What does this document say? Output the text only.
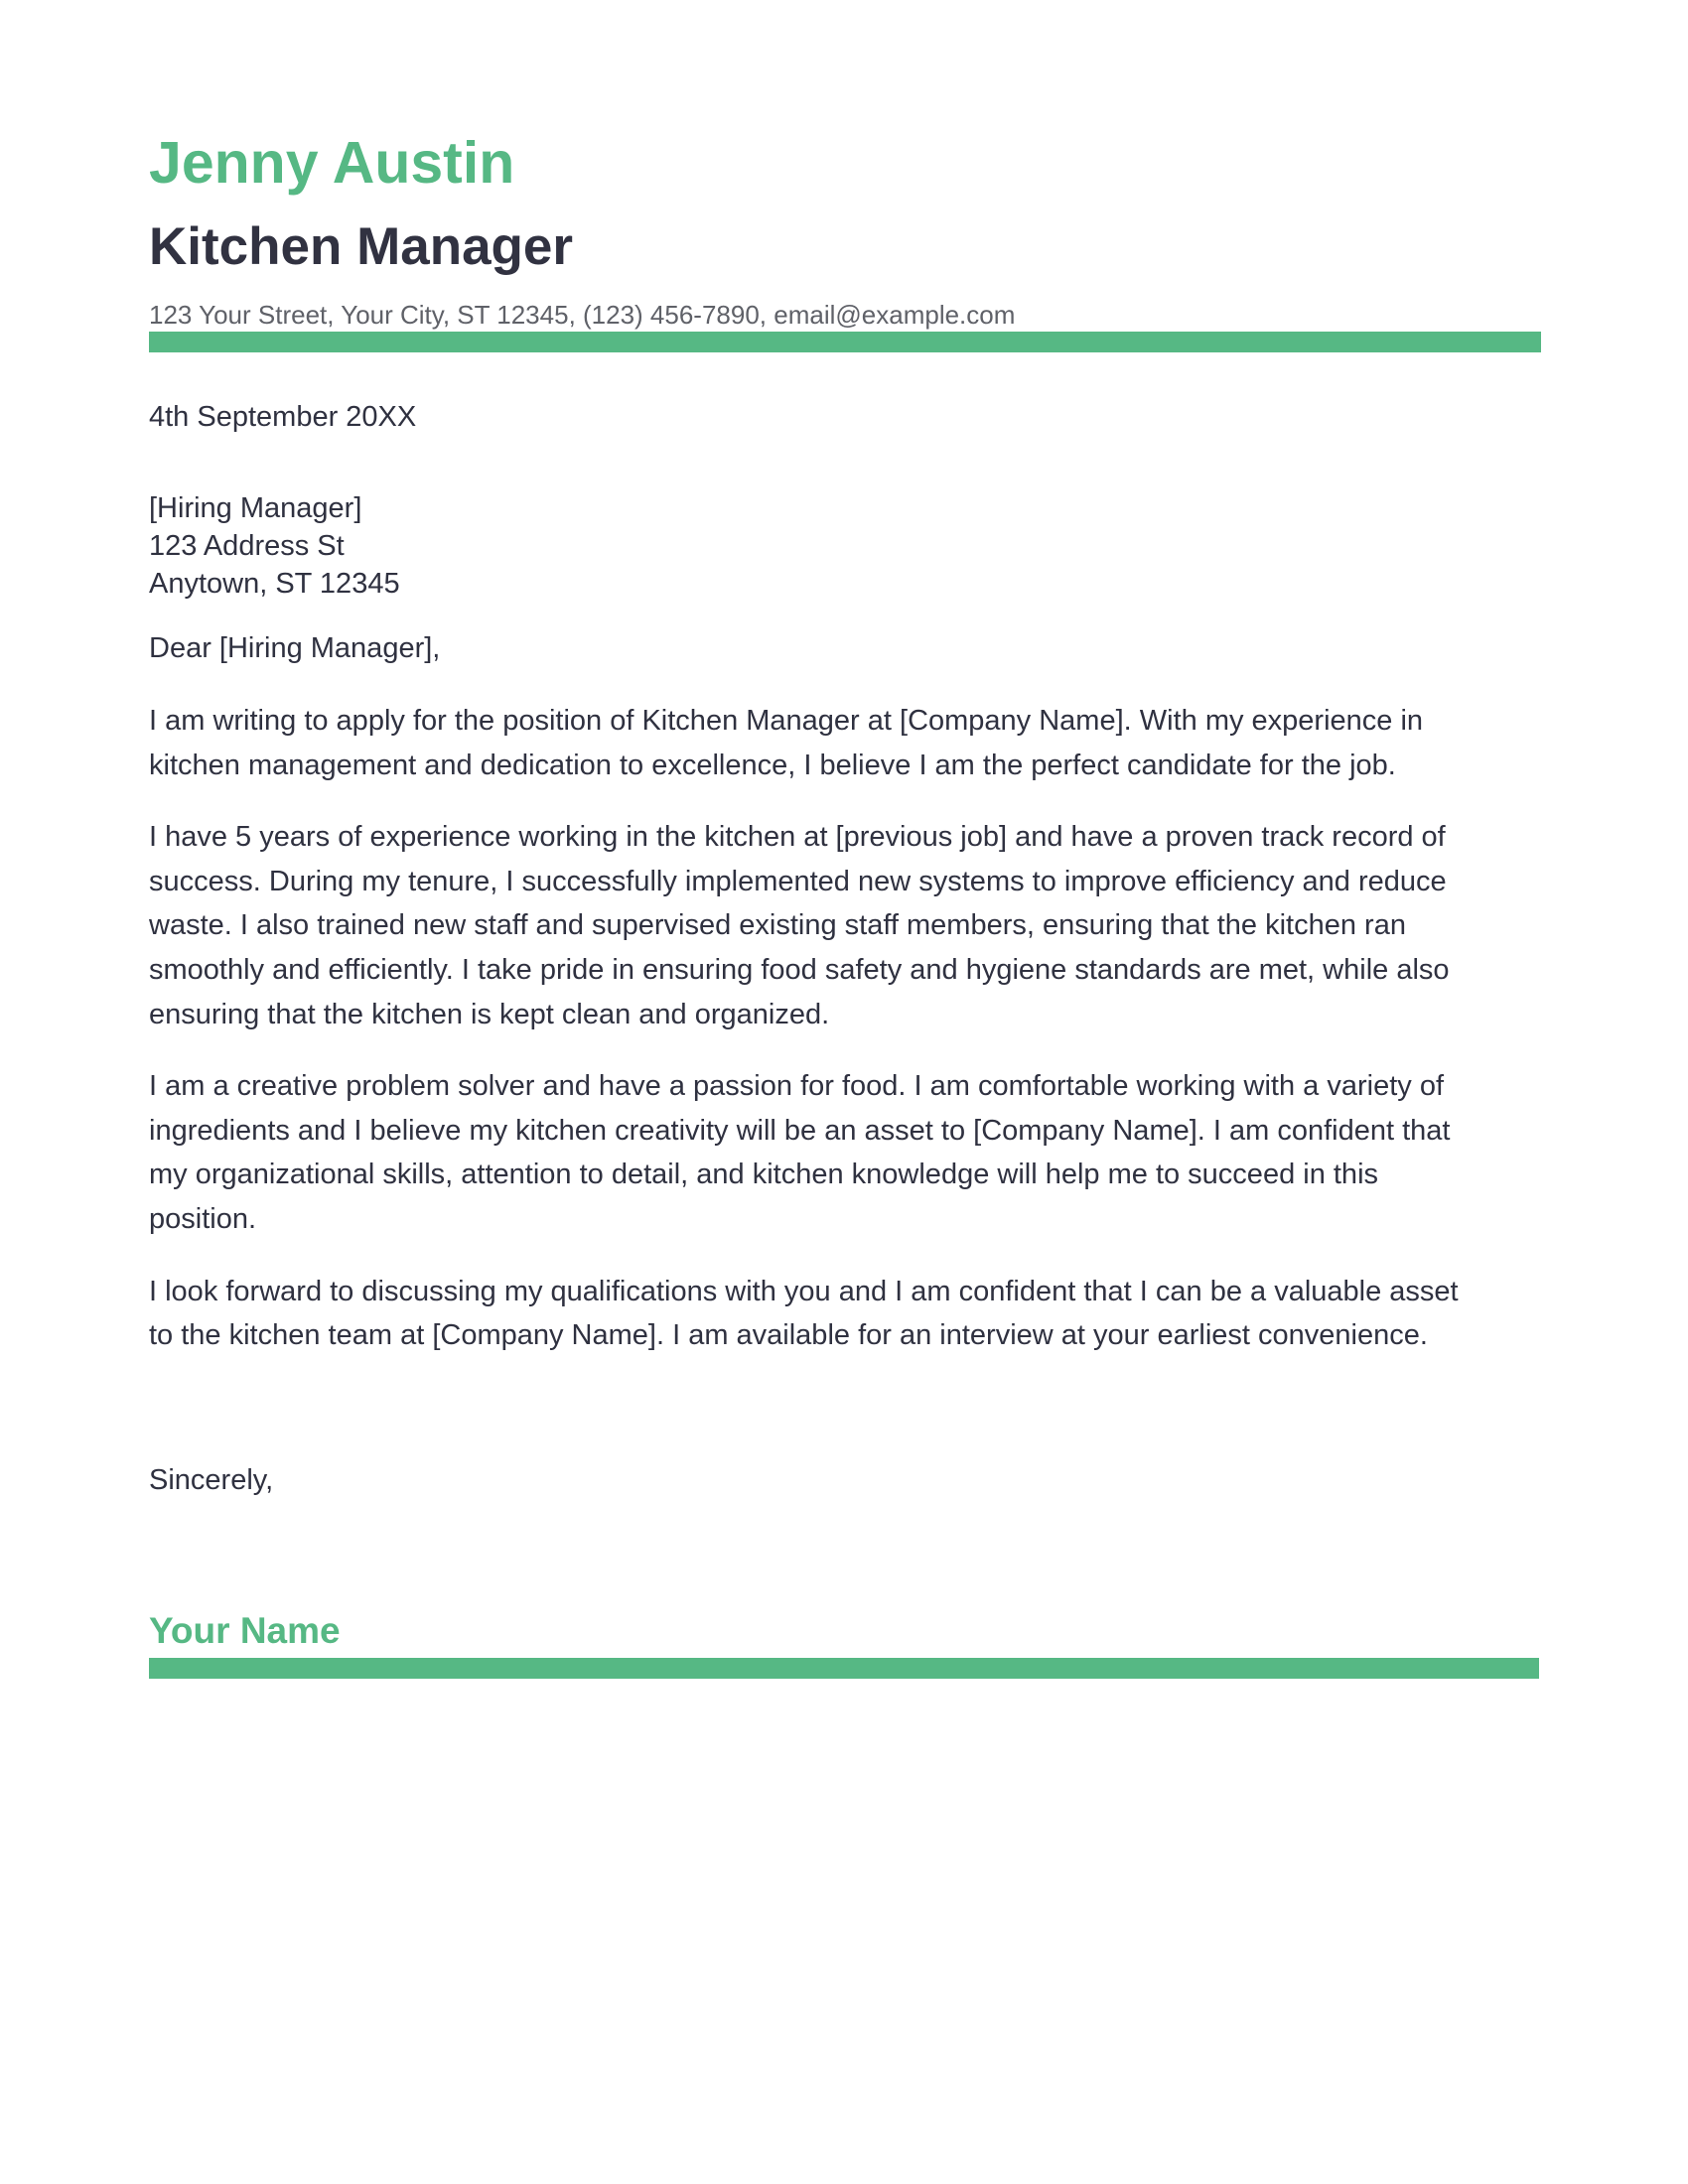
Jenny Austin
Kitchen Manager
123 Your Street, Your City, ST 12345, (123) 456-7890, email@example.com
4th September 20XX
[Hiring Manager]
123 Address St
Anytown, ST 12345
Dear [Hiring Manager],

I am writing to apply for the position of Kitchen Manager at [Company Name]. With my experience in
kitchen management and dedication to excellence, I believe I am the perfect candidate for the job.

I have 5 years of experience working in the kitchen at [previous job] and have a proven track record of
success. During my tenure, I successfully implemented new systems to improve efficiency and reduce
waste. I also trained new staff and supervised existing staff members, ensuring that the kitchen ran
smoothly and efficiently. I take pride in ensuring food safety and hygiene standards are met, while also
ensuring that the kitchen is kept clean and organized.

I am a creative problem solver and have a passion for food. I am comfortable working with a variety of
ingredients and I believe my kitchen creativity will be an asset to [Company Name]. I am confident that
my organizational skills, attention to detail, and kitchen knowledge will help me to succeed in this
position.

I look forward to discussing my qualifications with you and I am confident that I can be a valuable asset
to the kitchen team at [Company Name]. I am available for an interview at your earliest convenience.

Sincerely,
Your Name
